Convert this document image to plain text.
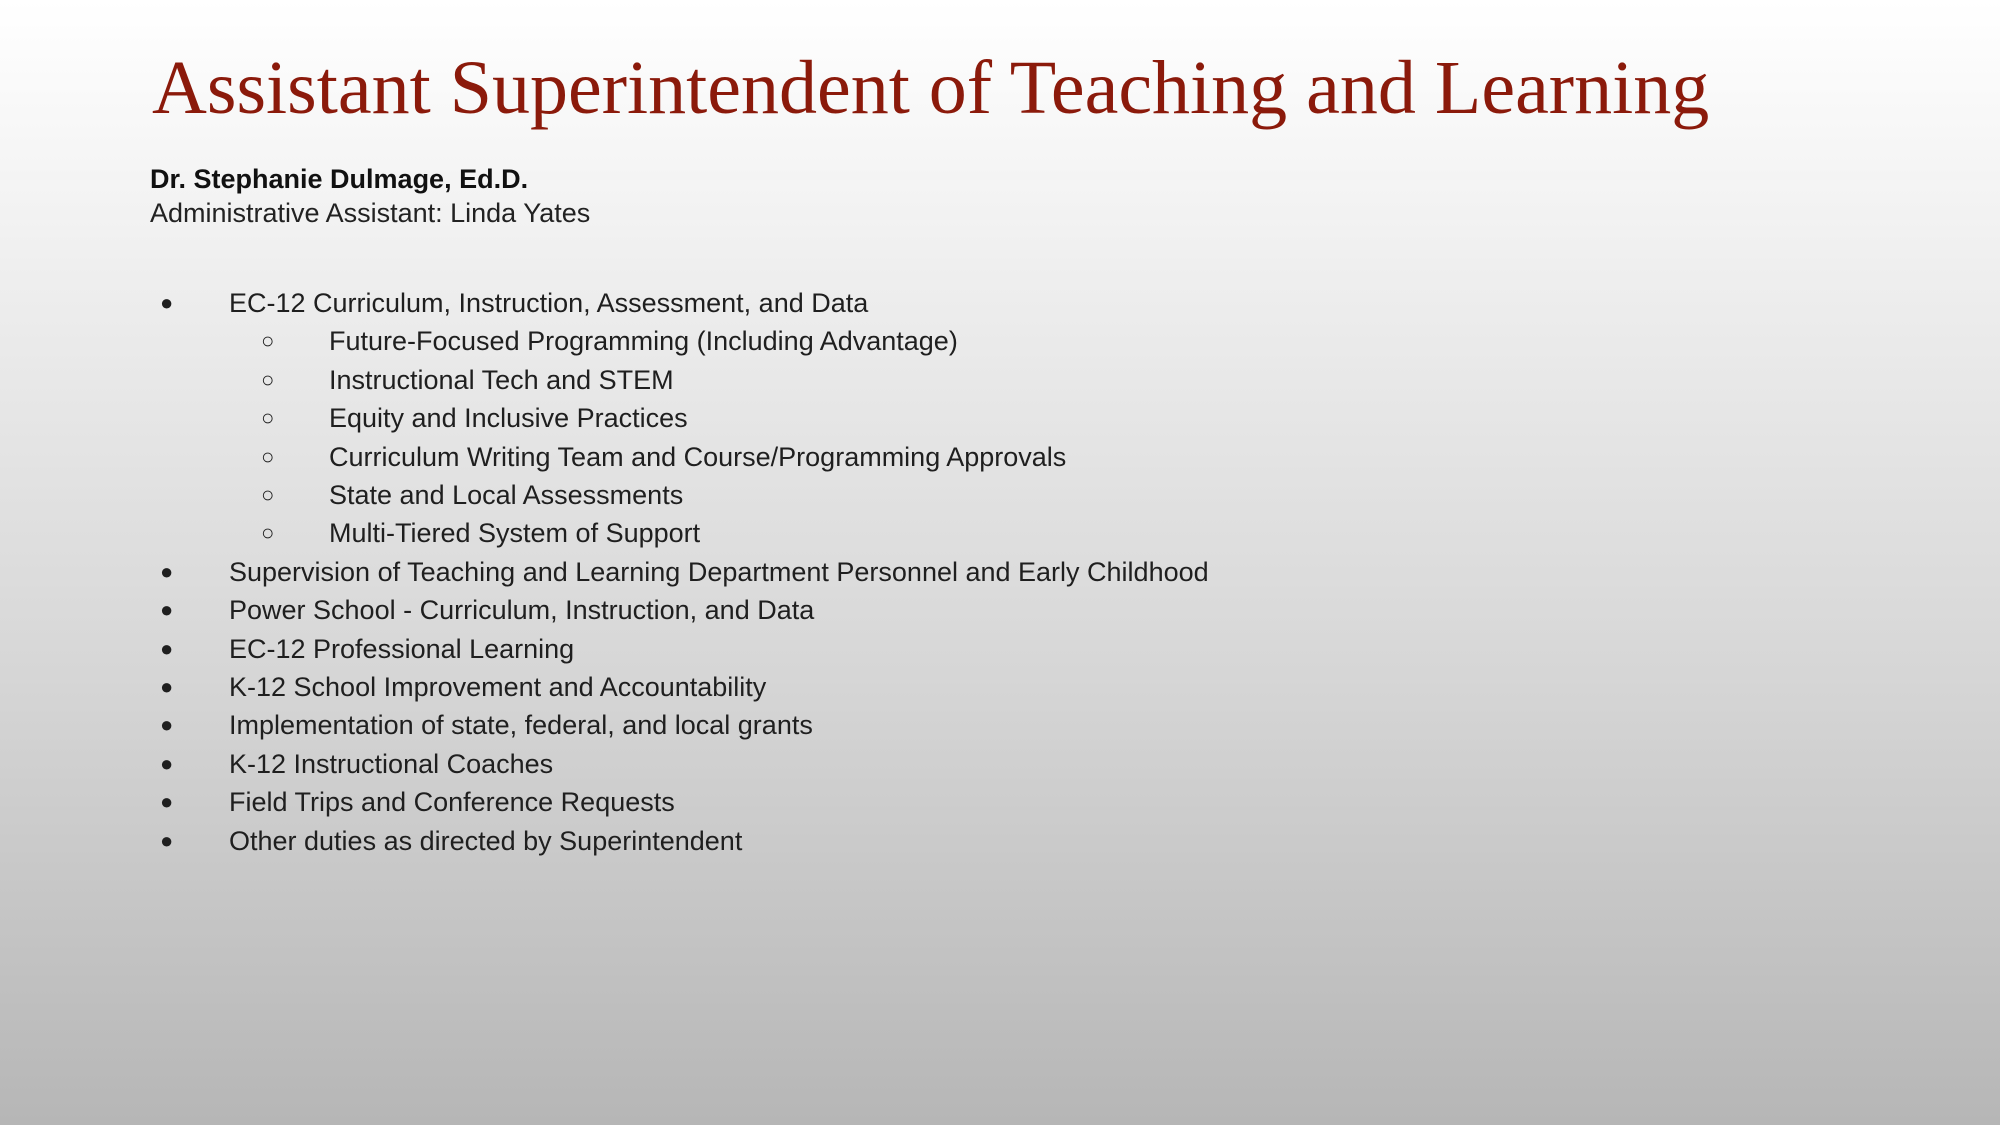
Assistant Superintendent of Teaching and Learning
Dr. Stephanie Dulmage, Ed.D.
Administrative Assistant: Linda Yates
● EC-12 Curriculum, Instruction, Assessment, and Data
○ Future-Focused Programming (Including Advantage)
○ Instructional Tech and STEM
○ Equity and Inclusive Practices
○ Curriculum Writing Team and Course/Programming Approvals
○ State and Local Assessments
○ Multi-Tiered System of Support
● Supervision of Teaching and Learning Department Personnel and Early Childhood
● Power School - Curriculum, Instruction, and Data
● EC-12 Professional Learning
● K-12 School Improvement and Accountability
● Implementation of state, federal, and local grants
● K-12 Instructional Coaches
● Field Trips and Conference Requests
● Other duties as directed by Superintendent
